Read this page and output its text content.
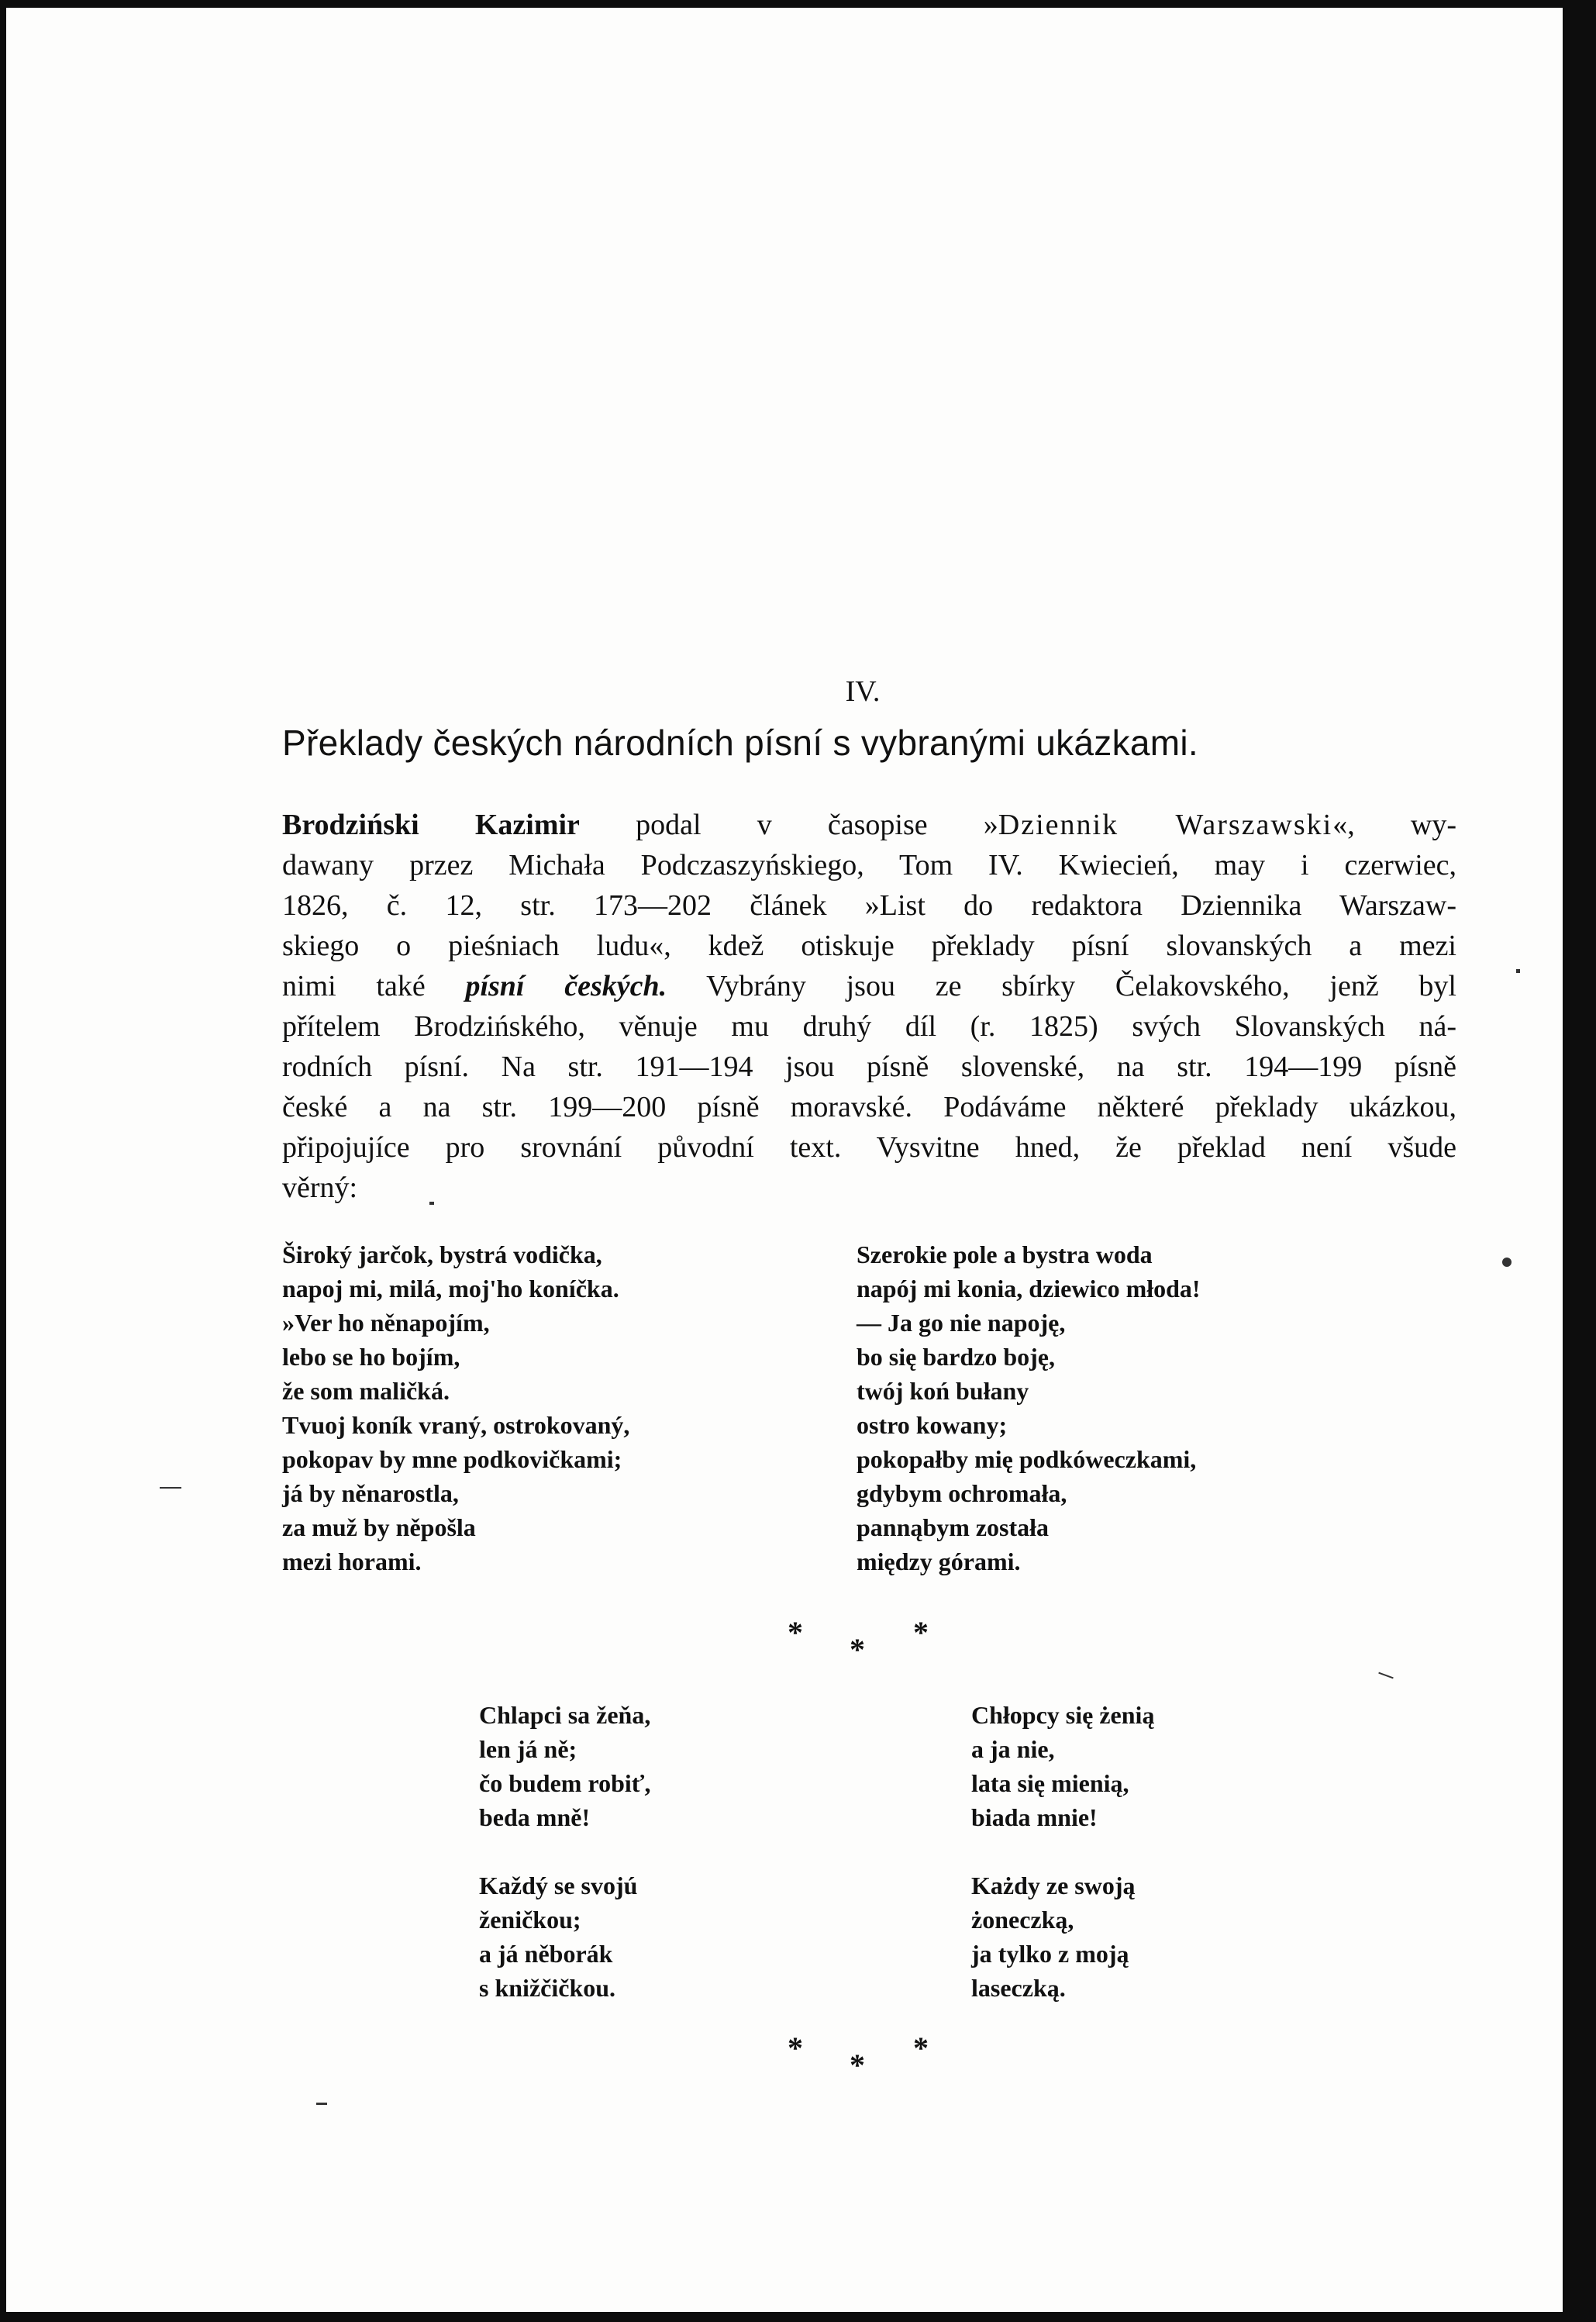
IV.
Překlady českých národních písní s vybranými ukázkami.
Brodziński Kazimir podal v časopise »Dziennik Warszawski«, wy-
dawany przez Michała Podczaszyńskiego, Tom IV. Kwiecień, may i czerwiec,
1826, č. 12, str. 173—202 článek »List do redaktora Dziennika Warszaw-
skiego o pieśniach ludu«, kdež otiskuje překlady písní slovanských a mezi
nimi také písní českých. Vybrány jsou ze sbírky Čelakovského, jenž byl
přítelem Brodzińského, věnuje mu druhý díl (r. 1825) svých Slovanských ná-
rodních písní. Na str. 191—194 jsou písně slovenské, na str. 194—199 písně
české a na str. 199—200 písně moravské. Podáváme některé překlady ukázkou,
připojujíce pro srovnání původní text. Vysvitne hned, že překlad není všude
věrný:
Široký jarčok, bystrá vodička,
napoj mi, milá, moj'ho koníčka.
»Ver ho něnapojím,
lebo se ho bojím,
že som maličká.
Tvuoj koník vraný, ostrokovaný,
pokopav by mne podkovičkami;
já by něnarostla,
za muž by něpošla
mezi horami.
Szerokie pole a bystra woda
napój mi konia, dziewico młoda!
— Ja go nie napoję,
bo się bardzo boję,
twój koń bułany
ostro kowany;
pokopałby mię podkóweczkami,
gdybym ochromała,
pannąbym została
między górami.
* * *
Chlapci sa žeňa,
len já ně;
čo budem robiť,
beda mně!
Každý se svojú
ženičkou;
a já něborák
s knižčičkou.
Chłopcy się żenią
a ja nie,
lata się mienią,
biada mnie!
Każdy ze swoją
żoneczką,
ja tylko z moją
laseczką.
* * *
